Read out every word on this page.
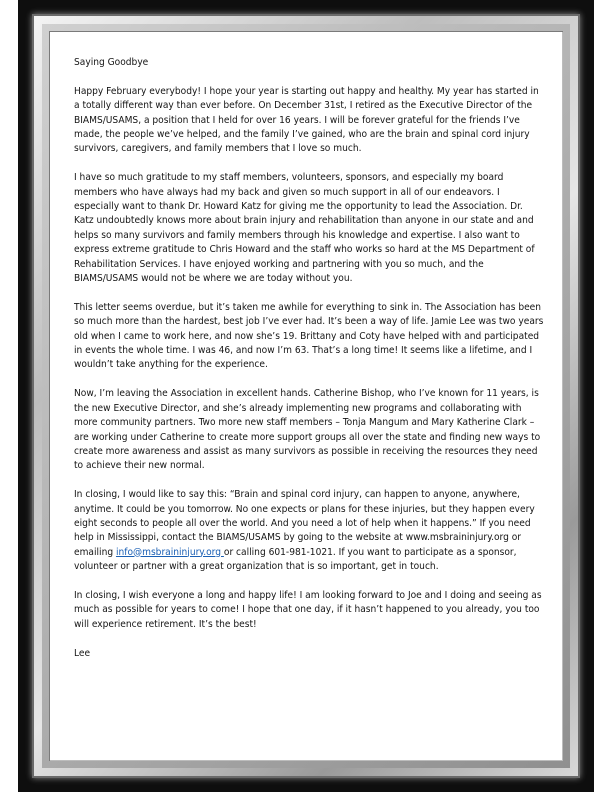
Saying Goodbye

Happy February everybody! I hope your year is starting out happy and healthy. My year has started in a totally different way than ever before. On December 31st, I retired as the Executive Director of the BIAMS/USAMS, a position that I held for over 16 years. I will be forever grateful for the friends I’ve made, the people we’ve helped, and the family I’ve gained, who are the brain and spinal cord injury survivors, caregivers, and family members that I love so much.

I have so much gratitude to my staff members, volunteers, sponsors, and especially my board members who have always had my back and given so much support in all of our endeavors. I especially want to thank Dr. Howard Katz for giving me the opportunity to lead the Association. Dr. Katz undoubtedly knows more about brain injury and rehabilitation than anyone in our state and and helps so many survivors and family members through his knowledge and expertise. I also want to express extreme gratitude to Chris Howard and the staff who works so hard at the MS Department of Rehabilitation Services. I have enjoyed working and partnering with you so much, and the BIAMS/USAMS would not be where we are today without you.

This letter seems overdue, but it’s taken me awhile for everything to sink in. The Association has been so much more than the hardest, best job I’ve ever had. It’s been a way of life. Jamie Lee was two years old when I came to work here, and now she’s 19. Brittany and Coty have helped with and participated in events the whole time. I was 46, and now I’m 63. That’s a long time! It seems like a lifetime, and I wouldn’t take anything for the experience.

Now, I’m leaving the Association in excellent hands. Catherine Bishop, who I’ve known for 11 years, is the new Executive Director, and she’s already implementing new programs and collaborating with more community partners. Two more new staff members – Tonja Mangum and Mary Katherine Clark – are working under Catherine to create more support groups all over the state and finding new ways to create more awareness and assist as many survivors as possible in receiving the resources they need to achieve their new normal.

In closing, I would like to say this: “Brain and spinal cord injury, can happen to anyone, anywhere, anytime. It could be you tomorrow. No one expects or plans for these injuries, but they happen every eight seconds to people all over the world. And you need a lot of help when it happens.” If you need help in Mississippi, contact the BIAMS/USAMS by going to the website at www.msbraininjury.org or emailing info@msbraininjury.org or calling 601-981-1021. If you want to participate as a sponsor, volunteer or partner with a great organization that is so important, get in touch.

In closing, I wish everyone a long and happy life! I am looking forward to Joe and I doing and seeing as much as possible for years to come! I hope that one day, if it hasn’t happened to you already, you too will experience retirement. It’s the best!

Lee
